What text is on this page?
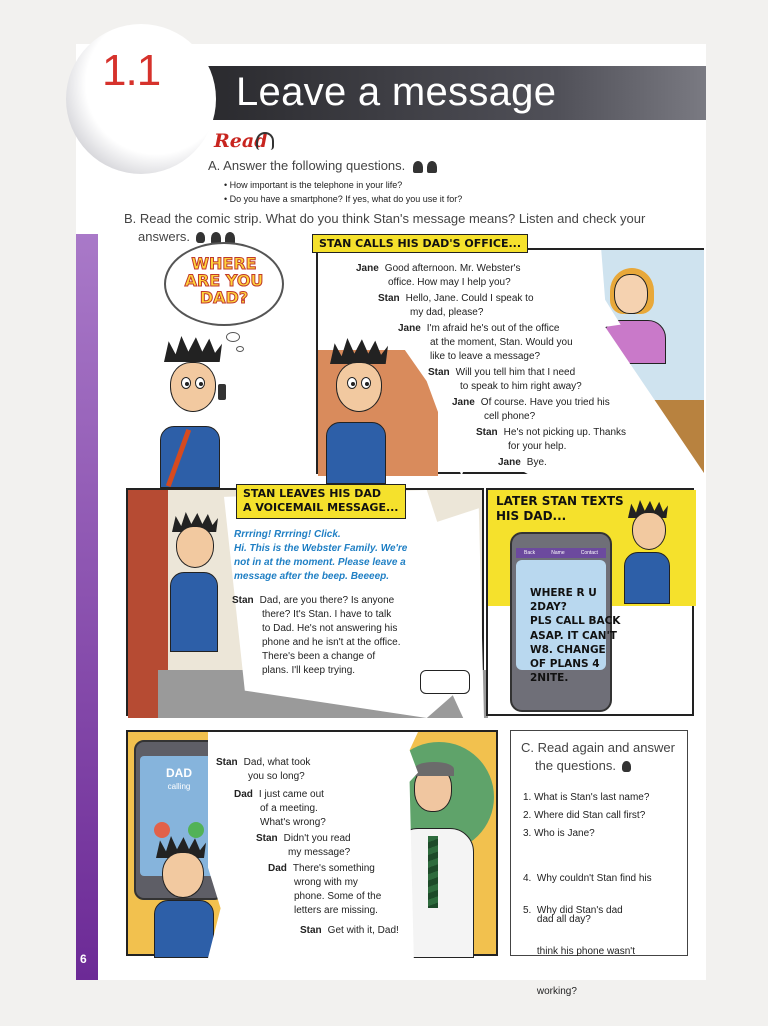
6
Leave a message
1.1
Read
A. Answer the following questions.
• How important is the telephone in your life?
• Do you have a smartphone? If yes, what do you use it for?
B. Read the comic strip. What do you think Stan's message means? Listen and check your
answers.
WHERE ARE YOU DAD?
STAN CALLS HIS DAD'S OFFICE...
STAN LEAVES HIS DAD
A VOICEMAIL MESSAGE...
Back	Name	Contact
LATER STAN TEXTS
HIS DAD...
WHERE R U
2DAY?
PLS CALL BACK
ASAP. IT CAN'T
W8. CHANGE
OF PLANS 4
2NITE.
DAD
calling
C. Read again and answer
the questions.
1. What is Stan's last name?
2. Where did Stan call first?
3. Who is Jane?

4.  Why couldn't Stan find his

dad all day?

5.  Why did Stan's dad

think his phone wasn't

working?

Jane Good afternoon. Mr. Webster's
office. How may I help you?
Stan Hello, Jane. Could I speak to
my dad, please?
Jane I'm afraid he's out of the office
at the moment, Stan. Would you
like to leave a message?
Stan Will you tell him that I need
to speak to him right away?
Jane Of course. Have you tried his
cell phone?
Stan He's not picking up. Thanks
for your help.
Jane Bye.
Rrrring! Rrrring! Click.
Hi. This is the Webster Family. We're
not in at the moment. Please leave a
message after the beep. Beeeep.
Stan Dad, are you there? Is anyone
there? It's Stan. I have to talk
to Dad. He's not answering his
phone and he isn't at the office.
There's been a change of
plans. I'll keep trying.
Stan Dad, what took
you so long?
Dad I just came out
of a meeting.
What's wrong?
Stan Didn't you read
my message?
Dad There's something
wrong with my
phone. Some of the
letters are missing.
Stan Get with it, Dad!
